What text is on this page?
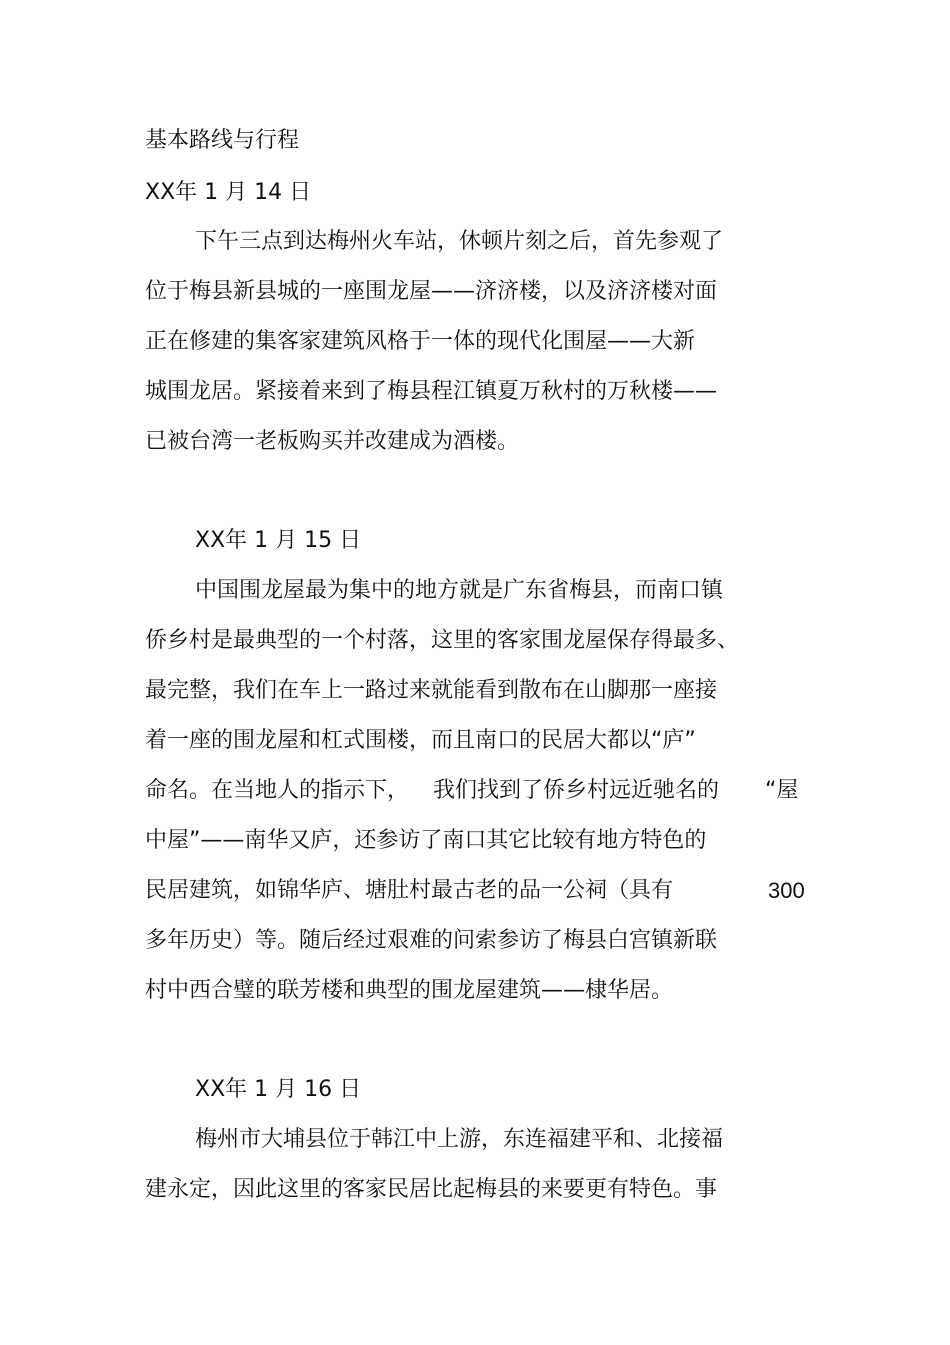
基本路线与行程
XX年 1 月 14 日

下午三点到达梅州火车站，休顿片刻之后，首先参观了

位于梅县新县城的一座围龙屋——济济楼，以及济济楼对面

正在修建的集客家建筑风格于一体的现代化围屋——大新

城围龙居。紧接着来到了梅县程江镇夏万秋村的万秋楼——

已被台湾一老板购买并改建成为酒楼。

XX年 1 月 15 日

中国围龙屋最为集中的地方就是广东省梅县，而南口镇

侨乡村是最典型的一个村落，这里的客家围龙屋保存得最多、

最完整，我们在车上一路过来就能看到散布在山脚那一座接

着一座的围龙屋和杠式围楼，而且南口的民居大都以“庐”

命名。在当地人的指示下， 我们找到了侨乡村远近驰名的 “屋

中屋”——南华又庐，还参访了南口其它比较有地方特色的

民居建筑，如锦华庐、塘肚村最古老的品一公祠（具有	300

多年历史）等。随后经过艰难的问索参访了梅县白宫镇新联

村中西合璧的联芳楼和典型的围龙屋建筑——棣华居。

XX年 1 月 16 日

梅州市大埔县位于韩江中上游，东连福建平和、北接福

建永定，因此这里的客家民居比起梅县的来要更有特色。事
